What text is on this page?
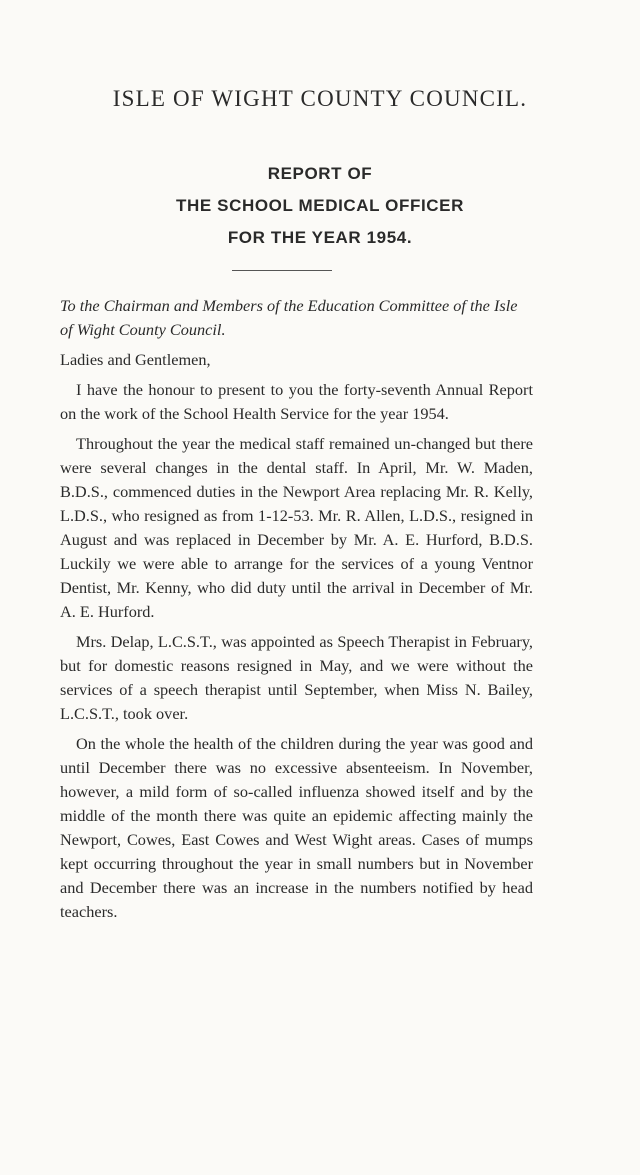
ISLE OF WIGHT COUNTY COUNCIL.
REPORT OF
THE SCHOOL MEDICAL OFFICER
FOR THE YEAR 1954.

To the Chairman and Members of the Education Committee of the Isle of Wight County Council.

Ladies and Gentlemen,

I have the honour to present to you the forty-seventh Annual Report on the work of the School Health Service for the year 1954.

Throughout the year the medical staff remained un-changed but there were several changes in the dental staff. In April, Mr. W. Maden, B.D.S., commenced duties in the Newport Area replacing Mr. R. Kelly, L.D.S., who resigned as from 1-12-53. Mr. R. Allen, L.D.S., resigned in August and was replaced in December by Mr. A. E. Hurford, B.D.S. Luckily we were able to arrange for the services of a young Ventnor Dentist, Mr. Kenny, who did duty until the arrival in December of Mr. A. E. Hurford.

Mrs. Delap, L.C.S.T., was appointed as Speech Therapist in February, but for domestic reasons resigned in May, and we were without the services of a speech therapist until September, when Miss N. Bailey, L.C.S.T., took over.

On the whole the health of the children during the year was good and until December there was no excessive absenteeism. In November, however, a mild form of so-called influenza showed itself and by the middle of the month there was quite an epidemic affecting mainly the Newport, Cowes, East Cowes and West Wight areas. Cases of mumps kept occurring throughout the year in small numbers but in November and December there was an increase in the numbers notified by head teachers.
